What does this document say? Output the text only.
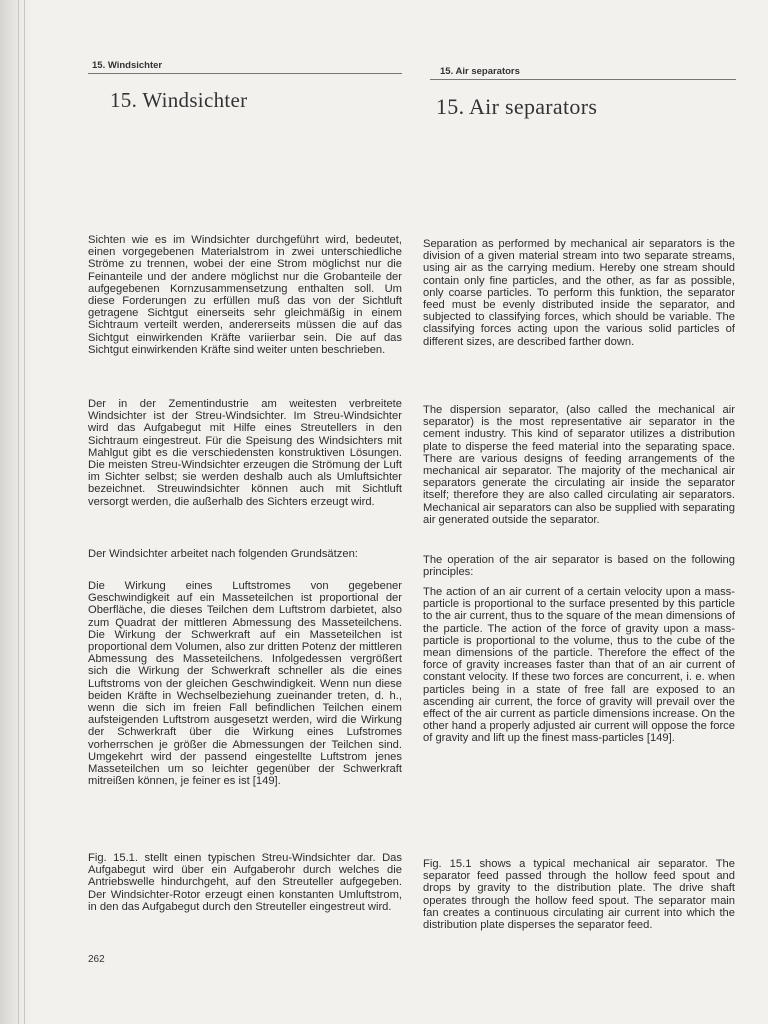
15. Windsichter
15. Air separators
15. Windsichter	15. Air separators

Sichten wie es im Windsichter durchgeführt wird, bedeutet, einen vorgegebenen Materialstrom in zwei unterschiedliche Ströme zu trennen, wobei der eine Strom möglichst nur die Feinanteile und der andere möglichst nur die Grobanteile der aufgegebenen Kornzusammensetzung enthalten soll. Um diese Forderungen zu erfüllen muß das von der Sichtluft getragene Sichtgut einerseits sehr gleichmäßig in einem Sichtraum verteilt werden, andererseits müssen die auf das Sichtgut einwirkenden Kräfte variierbar sein. Die auf das Sichtgut einwirkenden Kräfte sind weiter unten beschrieben.

Der in der Zementindustrie am weitesten verbreitete Windsichter ist der Streu-Windsichter. Im Streu-Windsichter wird das Aufgabegut mit Hilfe eines Streutellers in den Sichtraum eingestreut. Für die Speisung des Windsichters mit Mahlgut gibt es die verschiedensten konstruktiven Lösungen. Die meisten Streu-Windsichter erzeugen die Strömung der Luft im Sichter selbst; sie werden deshalb auch als Umluftsichter bezeichnet. Streuwindsichter können auch mit Sichtluft versorgt werden, die außerhalb des Sichters erzeugt wird.

Der Windsichter arbeitet nach folgenden Grundsätzen:

Die Wirkung eines Luftstromes von gegebener Geschwindigkeit auf ein Masseteilchen ist proportional der Oberfläche, die dieses Teilchen dem Luftstrom darbietet, also zum Quadrat der mittleren Abmessung des Masseteilchens. Die Wirkung der Schwerkraft auf ein Masseteilchen ist proportional dem Volumen, also zur dritten Potenz der mittleren Abmessung des Masseteilchens. Infolgedessen vergrößert sich die Wirkung der Schwerkraft schneller als die eines Luftstroms von der gleichen Geschwindigkeit. Wenn nun diese beiden Kräfte in Wechselbeziehung zueinander treten, d. h., wenn die sich im freien Fall befindlichen Teilchen einem aufsteigenden Luftstrom ausgesetzt werden, wird die Wirkung der Schwerkraft über die Wirkung eines Lufstromes vorherrschen je größer die Abmessungen der Teilchen sind. Umgekehrt wird der passend eingestellte Luftstrom jenes Masseteilchen um so leichter gegenüber der Schwerkraft mitreißen können, je feiner es ist [149].

Fig. 15.1. stellt einen typischen Streu-Windsichter dar. Das Aufgabegut wird über ein Aufgaberohr durch welches die Antriebswelle hindurchgeht, auf den Streuteller aufgegeben. Der Windsichter-Rotor erzeugt einen konstanten Umluftstrom, in den das Aufgabegut durch den Streuteller eingestreut wird.

Separation as performed by mechanical air separators is the division of a given material stream into two separate streams, using air as the carrying medium. Hereby one stream should contain only fine particles, and the other, as far as possible, only coarse particles. To perform this funktion, the separator feed must be evenly distributed inside the separator, and subjected to classifying forces, which should be variable. The classifying forces acting upon the various solid particles of different sizes, are described farther down.

The dispersion separator, (also called the mechanical air separator) is the most representative air separator in the cement industry. This kind of separator utilizes a distribution plate to disperse the feed material into the separating space. There are various designs of feeding arrangements of the mechanical air separator. The majority of the mechanical air separators generate the circulating air inside the separator itself; therefore they are also called circulating air separators. Mechanical air separators can also be supplied with separating air generated outside the separator.

The operation of the air separator is based on the following principles:

The action of an air current of a certain velocity upon a mass-particle is proportional to the surface presented by this particle to the air current, thus to the square of the mean dimensions of the particle. The action of the force of gravity upon a mass-particle is proportional to the volume, thus to the cube of the mean dimensions of the particle. Therefore the effect of the force of gravity increases faster than that of an air current of constant velocity. If these two forces are concurrent, i. e. when particles being in a state of free fall are exposed to an ascending air current, the force of gravity will prevail over the effect of the air current as particle dimensions increase. On the other hand a properly adjusted air current will oppose the force of gravity and lift up the finest mass-particles [149].

Fig. 15.1 shows a typical mechanical air separator. The separator feed passed through the hollow feed spout and drops by gravity to the distribution plate. The drive shaft operates through the hollow feed spout. The separator main fan creates a continuous circulating air current into which the distribution plate disperses the separator feed.

262
